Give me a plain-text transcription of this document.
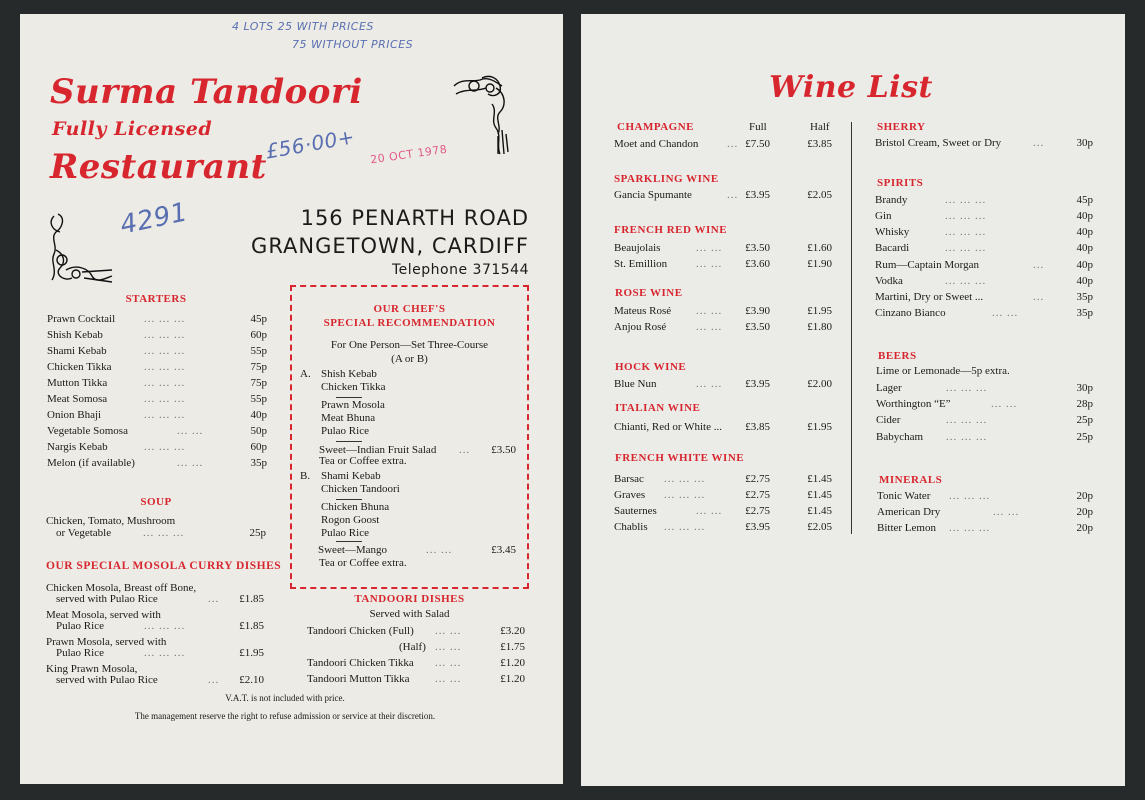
4 LOTS 25 WITH PRICES
75 WITHOUT PRICES
Surma Tandoori
Fully Licensed
Restaurant
£56·00+ 20 OCT 1978
4291	156 PENARTH ROAD
GRANGETOWN, CARDIFF
Telephone 371544
STARTERS
Prawn Cocktail	... ... ...	45p
Shish Kebab	... ... ...	60p
Shami Kebab	... ... ...	55p
Chicken Tikka	... ... ...	75p
Mutton Tikka	... ... ...	75p
Meat Somosa	... ... ...	55p
Onion Bhaji	... ... ...	40p
Vegetable Somosa	... ...	50p
Nargis Kebab	... ... ...	60p
Melon (if available)	... ...	35p
SOUP
Chicken, Tomato, Mushroom
or Vegetable	... ... ...	25p
OUR SPECIAL MOSOLA CURRY DISHES
Chicken Mosola, Breast off Bone,
served with Pulao Rice	... £1.85
Meat Mosola, served with
Pulao Rice	... ... ...	£1.85
Prawn Mosola, served with
Pulao Rice	... ... ...	£1.95
King Prawn Mosola,
served with Pulao Rice	... £2.10
OUR CHEF'S
SPECIAL RECOMMENDATION
For One Person—Set Three-Course
(A or B)
A. Shish Kebab
Chicken Tikka
Prawn Mosola
Meat Bhuna
Pulao Rice
Sweet—Indian Fruit Salad ... £3.50
Tea or Coffee extra.
B. Shami Kebab
Chicken Tandoori
Chicken Bhuna
Rogon Goost
Pulao Rice
Sweet—Mango	... ...	£3.45
Tea or Coffee extra.
TANDOORI DISHES
Served with Salad
Tandoori Chicken (Full) ... ...	£3.20
(Half) ... ...	£1.75
Tandoori Chicken Tikka ... ...	£1.20
Tandoori Mutton Tikka ... ...	£1.20
V.A.T. is not included with price.
The management reserve the right to refuse admission or service at their discretion.
Wine List
Full	Half
CHAMPAGNE
Moet and Chandon	... £7.50	£3.85
SPARKLING WINE
Gancia Spumante	... £3.95	£2.05
FRENCH RED WINE
Beaujolais	... ... £3.50	£1.60
St. Emillion	... ... £3.60	£1.90
ROSE WINE
Mateus Rosé ... ... £3.90	£1.95
Anjou Rosé	... ... £3.50	£1.80
HOCK WINE
Blue Nun	... ... £3.95	£2.00
ITALIAN WINE
Chianti, Red or White ... £3.85	£1.95
FRENCH WHITE WINE
Barsac ... ... ...	£2.75	£1.45
Graves ... ... ...	£2.75	£1.45
Sauternes	... ... £2.75	£1.45
Chablis ... ... ...	£3.95	£2.05
SHERRY
Bristol Cream, Sweet or Dry	...	30p
SPIRITS
Brandy	... ... ...	45p
Gin	... ... ...	40p
Whisky	... ... ...	40p
Bacardi	... ... ...	40p
Rum—Captain Morgan	...	40p
Vodka	... ... ...	40p
Martini, Dry or Sweet ...	...	35p
Cinzano Bianco	... ...	35p
BEERS
Lime or Lemonade—5p extra.
Lager	... ... ...	30p
Worthington “E”	... ...	28p
Cider	... ... ...	25p
Babycham ... ... ...	25p
MINERALS
Tonic Water ... ... ...	20p
American Dry	... ...	20p
Bitter Lemon ... ... ...	20p
